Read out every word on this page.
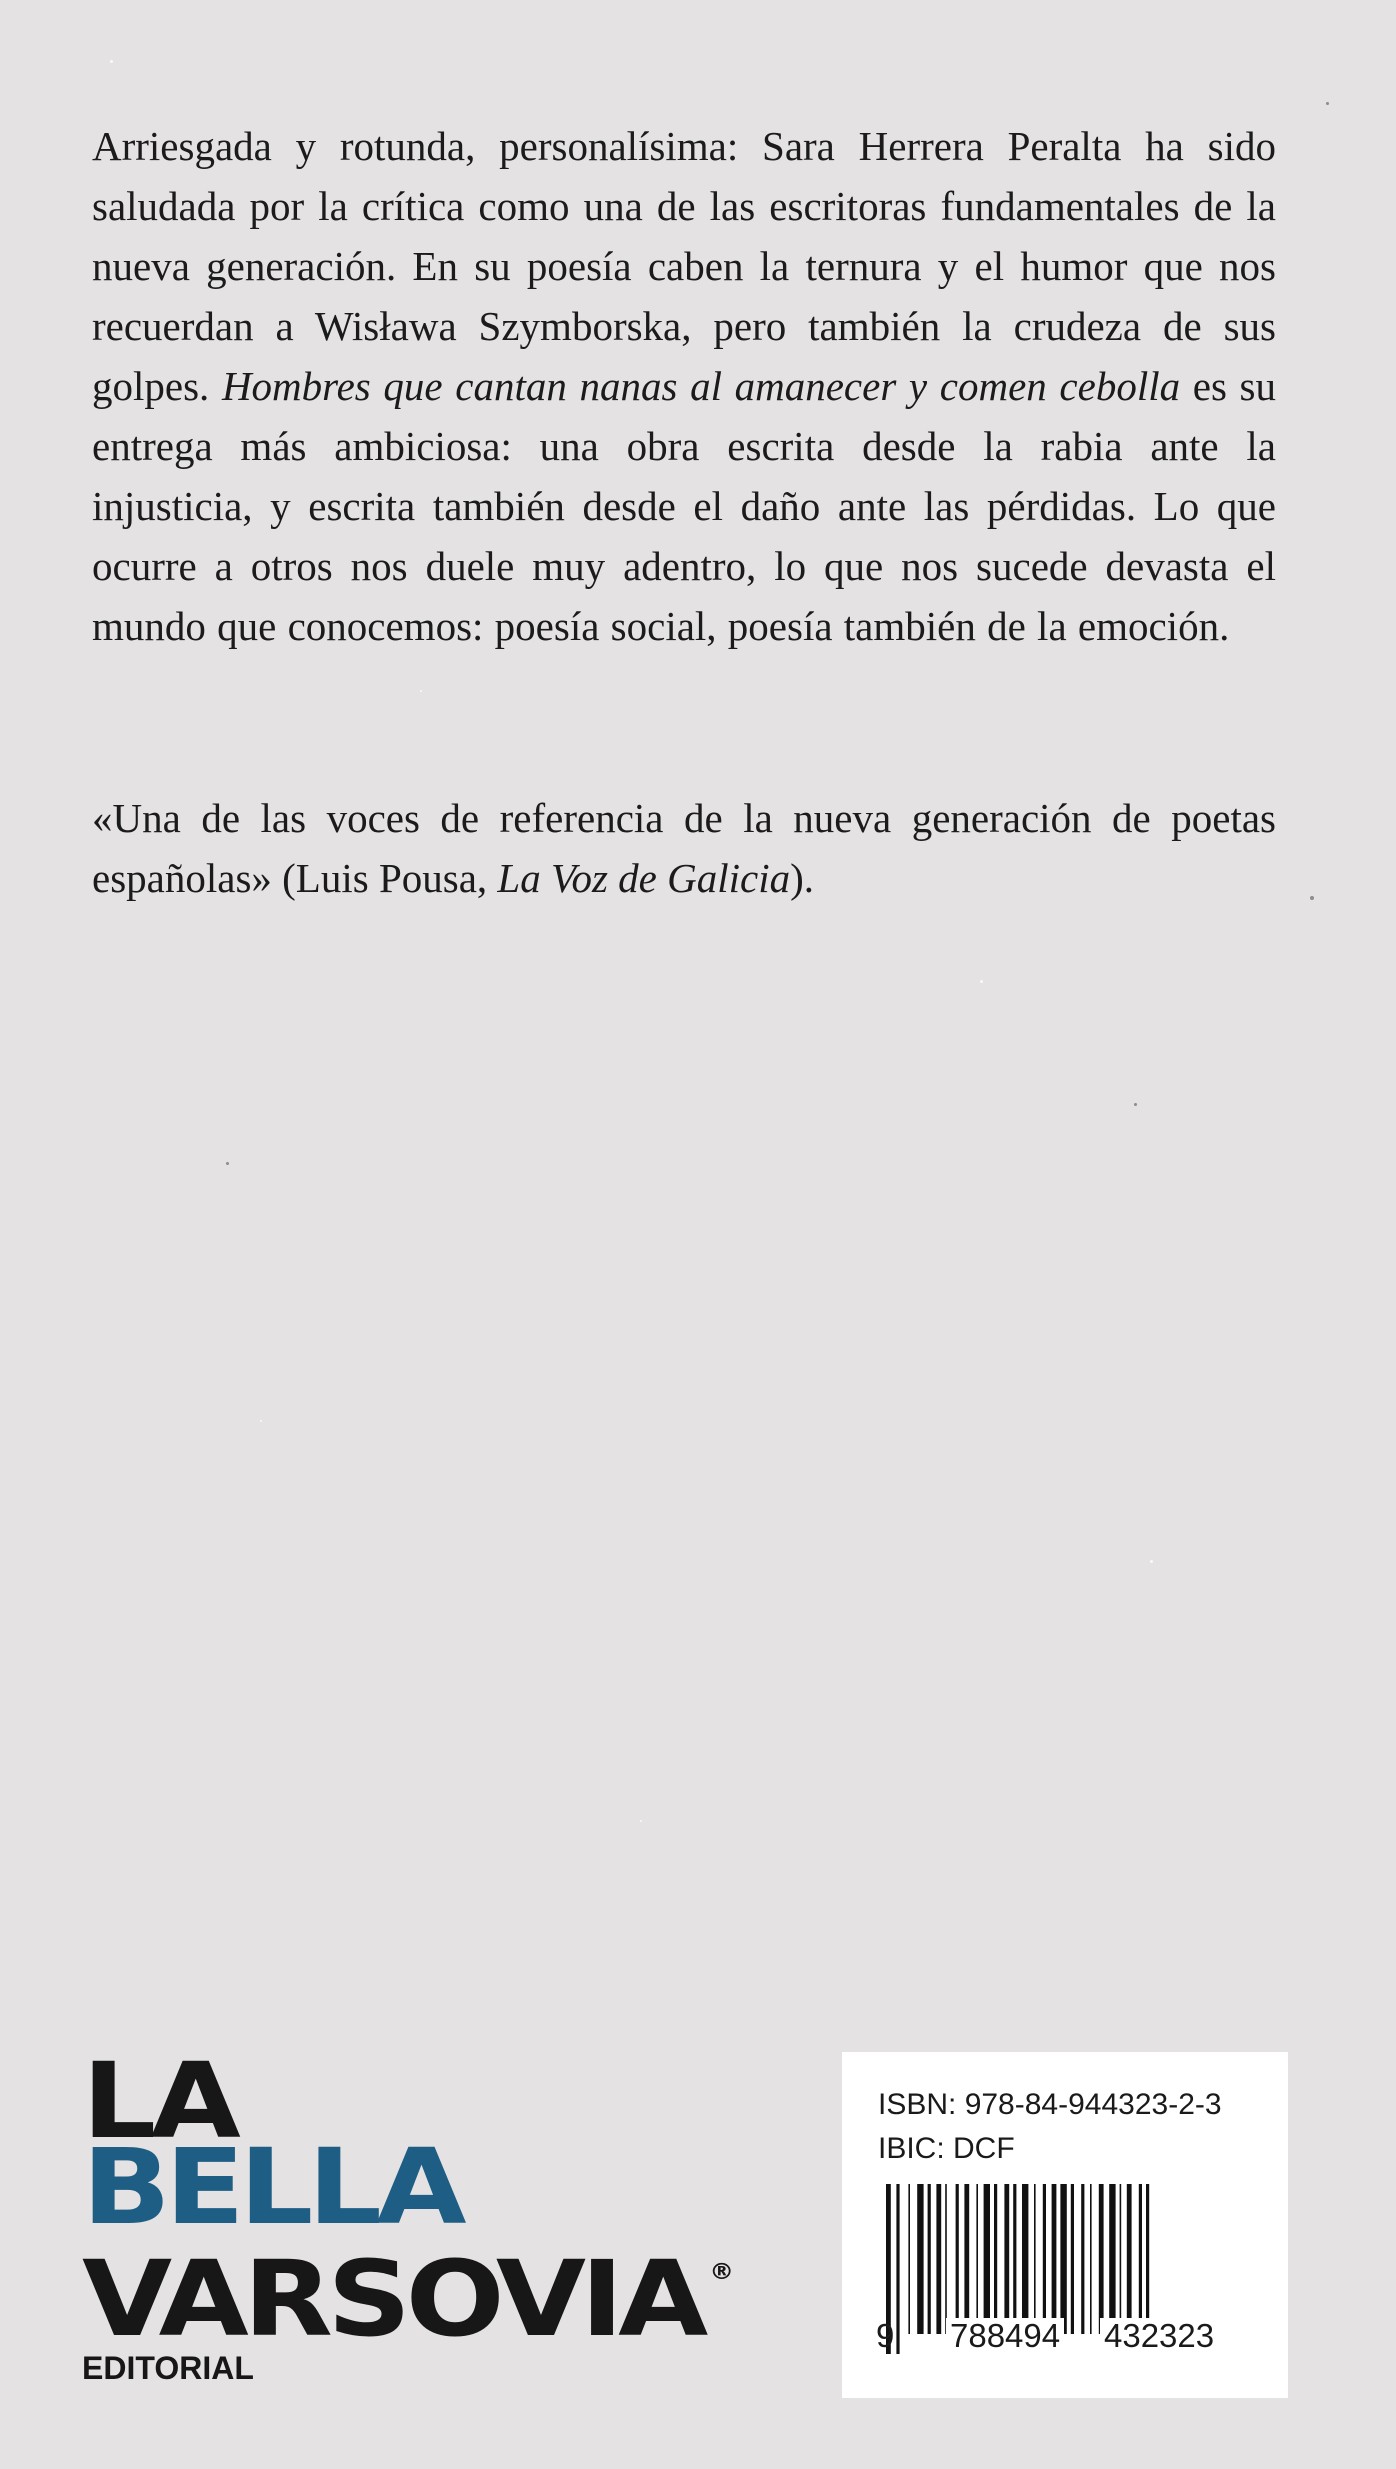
Arriesgada y rotunda, personalísima: Sara Herrera Peralta ha sido saludada por la crítica como una de las escritoras fundamentales de la nueva generación. En su poesía caben la ternura y el humor que nos recuerdan a Wisława Szymborska, pero también la crudeza de sus golpes. Hombres que cantan nanas al amanecer y comen cebolla es su entrega más ambiciosa: una obra escrita desde la rabia ante la injusticia, y escrita también desde el daño ante las pérdidas. Lo que ocurre a otros nos duele muy adentro, lo que nos sucede devasta el mundo que conocemos: poesía social, poesía también de la emoción.

«Una de las voces de referencia de la nueva generación de poetas españolas» (Luis Pousa, La Voz de Galicia).

LA
BELLA
VARSOVIA ®
EDITORIAL
ISBN: 978-84-944323-2-3
IBIC: DCF
9 788494 432323
